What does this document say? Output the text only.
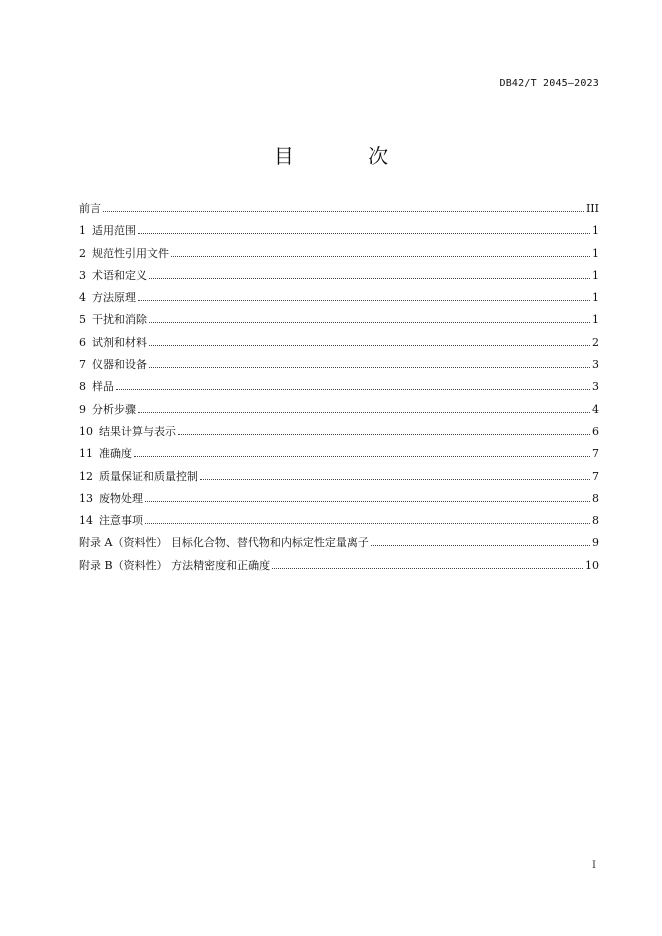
DB42/T 2045—2023
目 次
前言	III
1 适用范围	1
2 规范性引用文件	1
3 术语和定义	1
4 方法原理	1
5 干扰和消除	1
6 试剂和材料	2
7 仪器和设备	3
8 样品	3
9 分析步骤	4
10 结果计算与表示	6
11 准确度	7
12 质量保证和质量控制	7
13 废物处理	8
14 注意事项	8
附录 A（资料性） 目标化合物、替代物和内标定性定量离子	9
附录 B（资料性） 方法精密度和正确度	10
I
